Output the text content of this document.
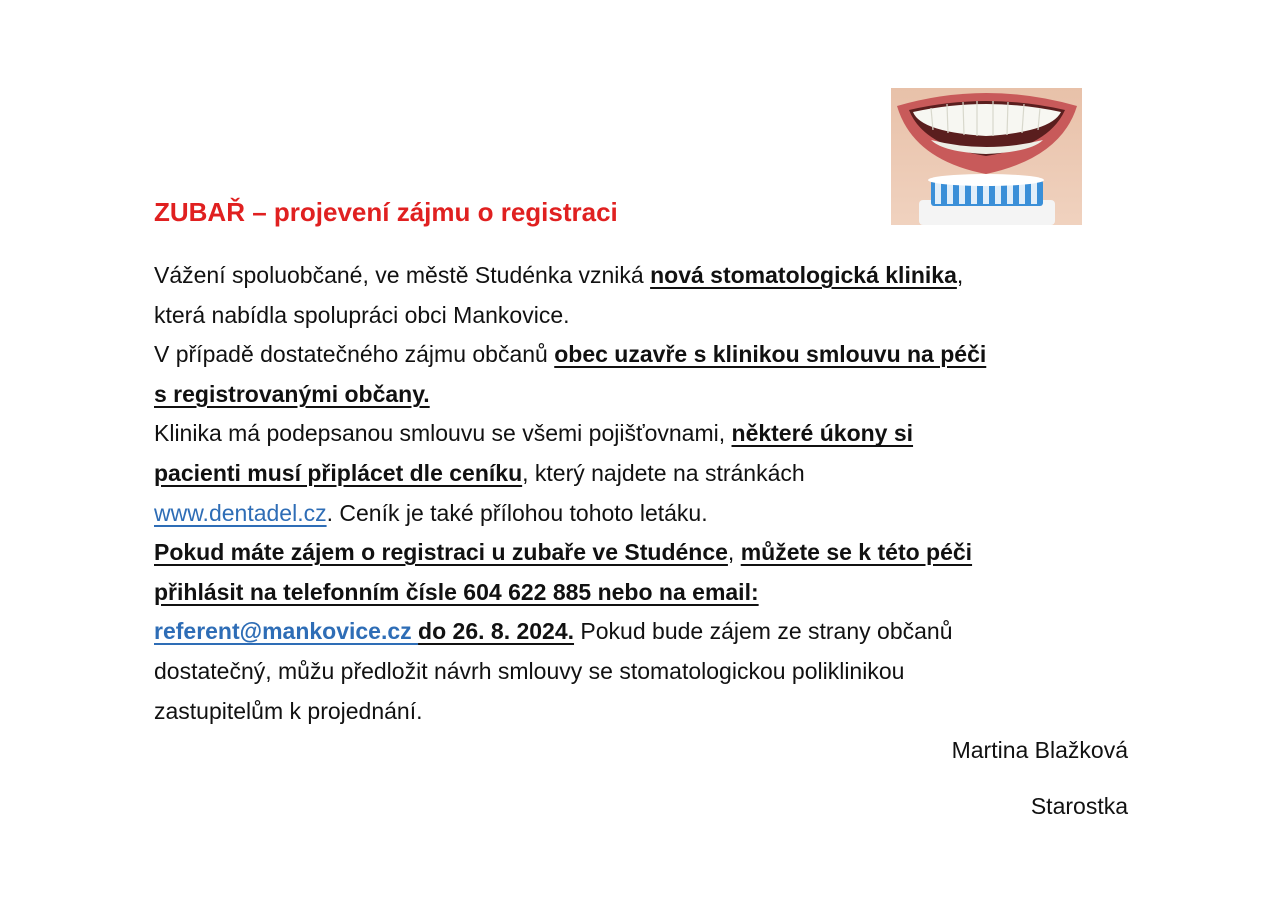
ZUBAŘ – projevení zájmu o registraci
Vážení spoluobčané, ve městě Studénka vzniká nová stomatologická klinika,
která nabídla spolupráci obci Mankovice.
V případě dostatečného zájmu občanů obec uzavře s klinikou smlouvu na péči
s registrovanými občany.
Klinika má podepsanou smlouvu se všemi pojišťovnami, některé úkony si
pacienti musí připlácet dle ceníku, který najdete na stránkách
www.dentadel.cz. Ceník je také přílohou tohoto letáku.
Pokud máte zájem o registraci u zubaře ve Studénce, můžete se k této péči
přihlásit na telefonním čísle 604 622 885 nebo na email:
referent@mankovice.cz do 26. 8. 2024. Pokud bude zájem ze strany občanů
dostatečný, můžu předložit návrh smlouvy se stomatologickou poliklinikou
zastupitelům k projednání.
Martina Blažková
Starostka
